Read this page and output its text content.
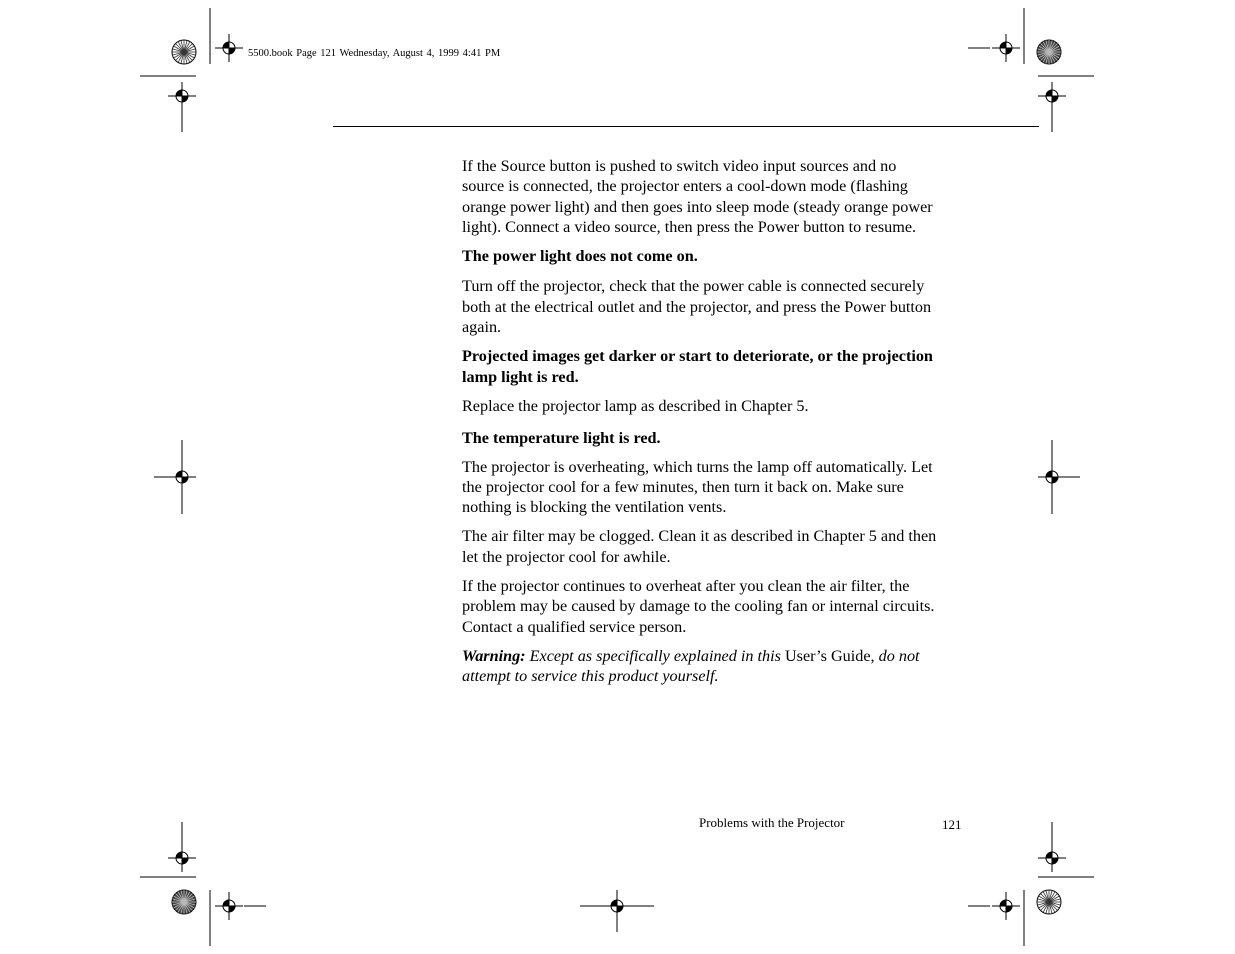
5500.book Page 121 Wednesday, August 4, 1999 4:41 PM

If the Source button is pushed to switch video input sources and no source is connected, the projector enters a cool-down mode (flashing orange power light) and then goes into sleep mode (steady orange power light). Connect a video source, then press the Power button to resume.

The power light does not come on.

Turn off the projector, check that the power cable is connected securely both at the electrical outlet and the projector, and press the Power button again.

Projected images get darker or start to deteriorate, or the projection lamp light is red.

Replace the projector lamp as described in Chapter 5.

The temperature light is red.

The projector is overheating, which turns the lamp off automatically. Let the projector cool for a few minutes, then turn it back on. Make sure nothing is blocking the ventilation vents.

The air filter may be clogged. Clean it as described in Chapter 5 and then let the projector cool for awhile.

If the projector continues to overheat after you clean the air filter, the problem may be caused by damage to the cooling fan or internal circuits. Contact a qualified service person.

Warning: Except as specifically explained in this User’s Guide, do not attempt to service this product yourself.

Problems with the Projector	121
